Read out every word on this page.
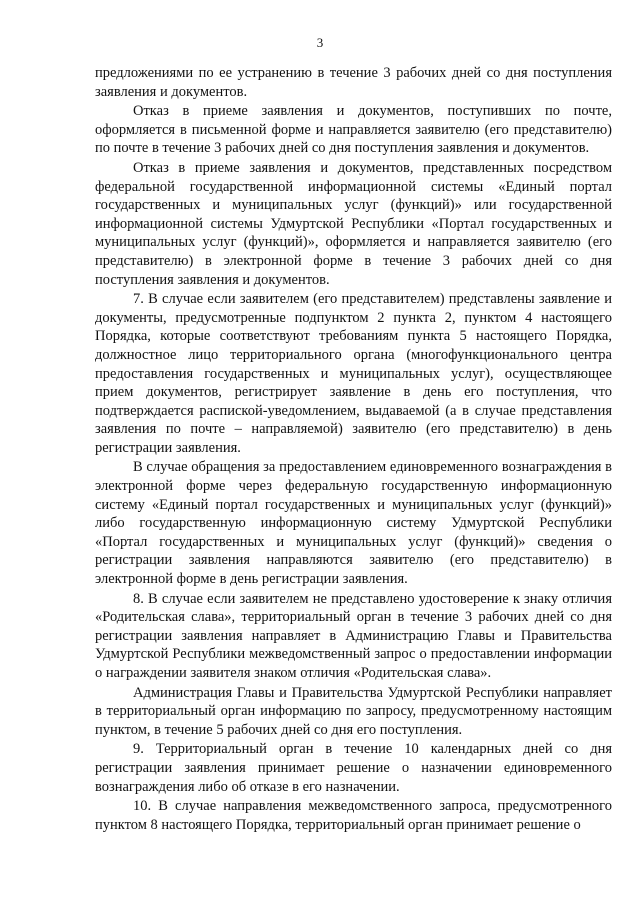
3

предложениями по ее устранению в течение 3 рабочих дней со дня поступления заявления и документов.

Отказ в приеме заявления и документов, поступивших по почте, оформляется в письменной форме и направляется заявителю (его представителю) по почте в течение 3 рабочих дней со дня поступления заявления и документов.

Отказ в приеме заявления и документов, представленных посредством федеральной государственной информационной системы «Единый портал государственных и муниципальных услуг (функций)» или государственной информационной системы Удмуртской Республики «Портал государственных и муниципальных услуг (функций)», оформляется и направляется заявителю (его представителю) в электронной форме в течение 3 рабочих дней со дня поступления заявления и документов.

7. В случае если заявителем (его представителем) представлены заявление и документы, предусмотренные подпунктом 2 пункта 2, пунктом 4 настоящего Порядка, которые соответствуют требованиям пункта 5 настоящего Порядка, должностное лицо территориального органа (многофункционального центра предоставления государственных и муниципальных услуг), осуществляющее прием документов, регистрирует заявление в день его поступления, что подтверждается распиской-уведомлением, выдаваемой (а в случае представления заявления по почте – направляемой) заявителю (его представителю) в день регистрации заявления.

В случае обращения за предоставлением единовременного вознаграждения в электронной форме через федеральную государственную информационную систему «Единый портал государственных и муниципальных услуг (функций)» либо государственную информационную систему Удмуртской Республики «Портал государственных и муниципальных услуг (функций)» сведения о регистрации заявления направляются заявителю (его представителю) в электронной форме в день регистрации заявления.

8. В случае если заявителем не представлено удостоверение к знаку отличия «Родительская слава», территориальный орган в течение 3 рабочих дней со дня регистрации заявления направляет в Администрацию Главы и Правительства Удмуртской Республики межведомственный запрос о предоставлении информации о награждении заявителя знаком отличия «Родительская слава».

Администрация Главы и Правительства Удмуртской Республики направляет в территориальный орган информацию по запросу, предусмотренному настоящим пунктом, в течение 5 рабочих дней со дня его поступления.

9. Территориальный орган в течение 10 календарных дней со дня регистрации заявления принимает решение о назначении единовременного вознаграждения либо об отказе в его назначении.

10. В случае направления межведомственного запроса, предусмотренного пунктом 8 настоящего Порядка, территориальный орган принимает решение о
